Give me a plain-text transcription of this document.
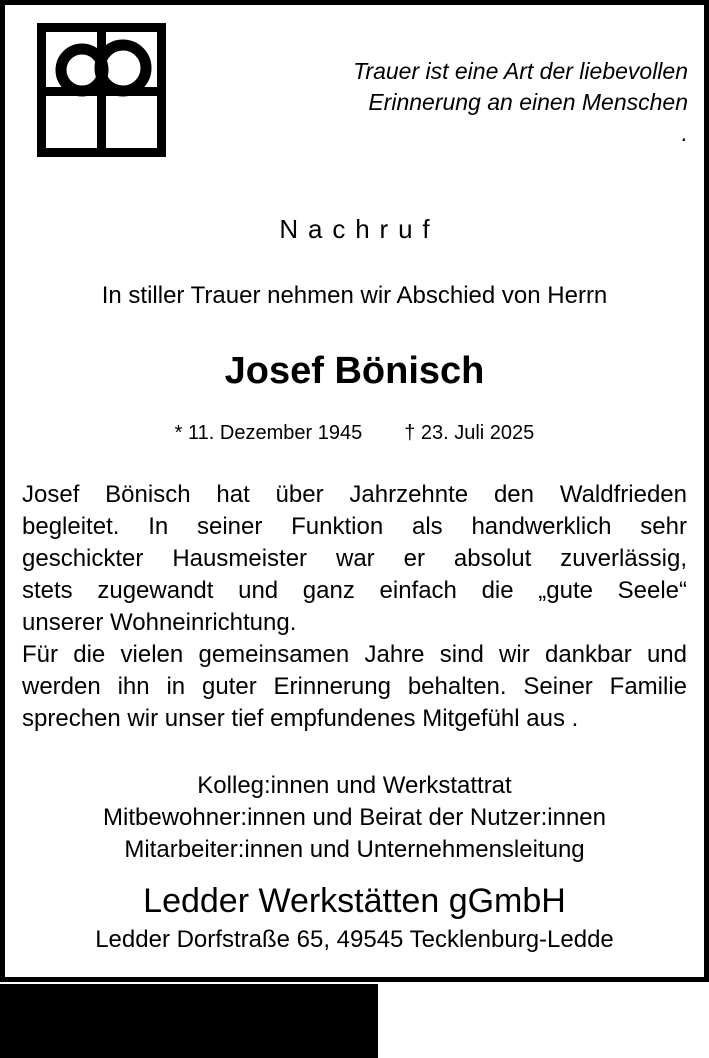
Trauer ist eine Art der liebevollen
Erinnerung an einen Menschen
.
Nachruf
In stiller Trauer nehmen wir Abschied von Herrn
Josef Bönisch
* 11. Dezember 1945 † 23. Juli 2025
Josef Bönisch hat über Jahrzehnte den Waldfrieden
begleitet. In seiner Funktion als handwerklich sehr
geschickter Hausmeister war er absolut zuverlässig,
stets zugewandt und ganz einfach die „gute Seele“
unserer Wohneinrichtung.
Für die vielen gemeinsamen Jahre sind wir dankbar und
werden ihn in guter Erinnerung behalten. Seiner Familie
sprechen wir unser tief empfundenes Mitgefühl aus .
Kolleg:innen und Werkstattrat
Mitbewohner:innen und Beirat der Nutzer:innen
Mitarbeiter:innen und Unternehmensleitung
Ledder Werkstätten gGmbH
Ledder Dorfstraße 65, 49545 Tecklenburg-Ledde
